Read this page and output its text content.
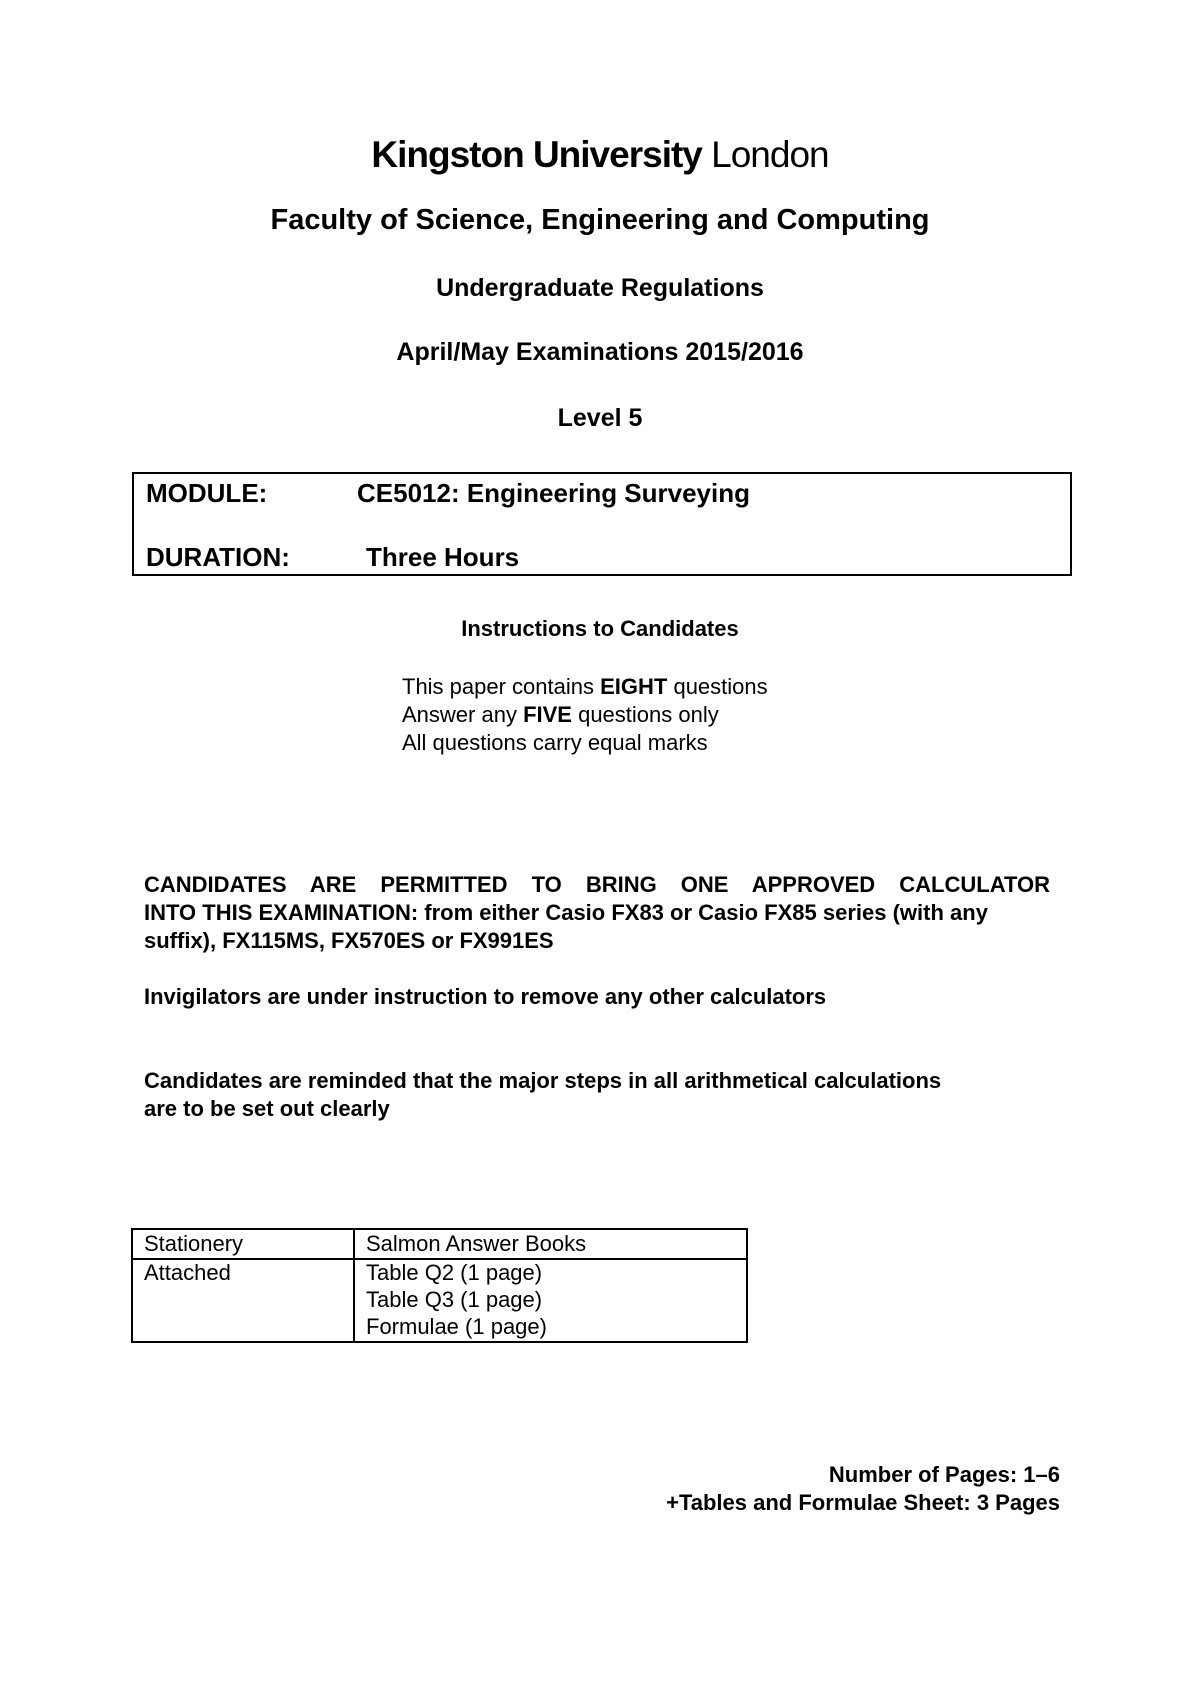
Kingston University London
Faculty of Science, Engineering and Computing
Undergraduate Regulations
April/May Examinations 2015/2016
Level 5
MODULE:	CE5012: Engineering Surveying
DURATION:	Three Hours
Instructions to Candidates
This paper contains EIGHT questions
Answer any FIVE questions only
All questions carry equal marks
CANDIDATES ARE PERMITTED TO BRING ONE APPROVED CALCULATOR
INTO THIS EXAMINATION: from either Casio FX83 or Casio FX85 series (with any
suffix), FX115MS, FX570ES or FX991ES
Invigilators are under instruction to remove any other calculators
Candidates are reminded that the major steps in all arithmetical calculations
are to be set out clearly
Stationery	Salmon Answer Books
Attached	Table Q2 (1 page)
Table Q3 (1 page)
Formulae (1 page)
Number of Pages: 1–6
+Tables and Formulae Sheet: 3 Pages
